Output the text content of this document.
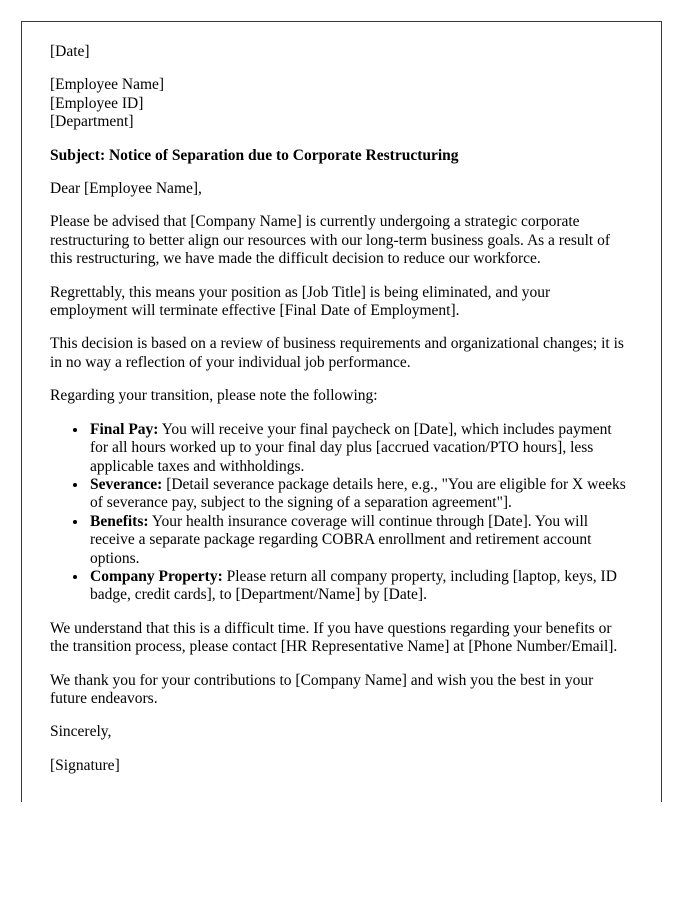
[Date]

[Employee Name]
[Employee ID]
[Department]

Subject: Notice of Separation due to Corporate Restructuring

Dear [Employee Name],

Please be advised that [Company Name] is currently undergoing a strategic corporate restructuring to better align our resources with our long-term business goals. As a result of this restructuring, we have made the difficult decision to reduce our workforce.

Regrettably, this means your position as [Job Title] is being eliminated, and your employment will terminate effective [Final Date of Employment].

This decision is based on a review of business requirements and organizational changes; it is in no way a reflection of your individual job performance.

Regarding your transition, please note the following:

• Final Pay: You will receive your final paycheck on [Date], which includes payment for all hours worked up to your final day plus [accrued vacation/PTO hours], less applicable taxes and withholdings.
• Severance: [Detail severance package details here, e.g., "You are eligible for X weeks of severance pay, subject to the signing of a separation agreement"].
• Benefits: Your health insurance coverage will continue through [Date]. You will receive a separate package regarding COBRA enrollment and retirement account options.
• Company Property: Please return all company property, including [laptop, keys, ID badge, credit cards], to [Department/Name] by [Date].

We understand that this is a difficult time. If you have questions regarding your benefits or the transition process, please contact [HR Representative Name] at [Phone Number/Email].

We thank you for your contributions to [Company Name] and wish you the best in your future endeavors.

Sincerely,

[Signature]
